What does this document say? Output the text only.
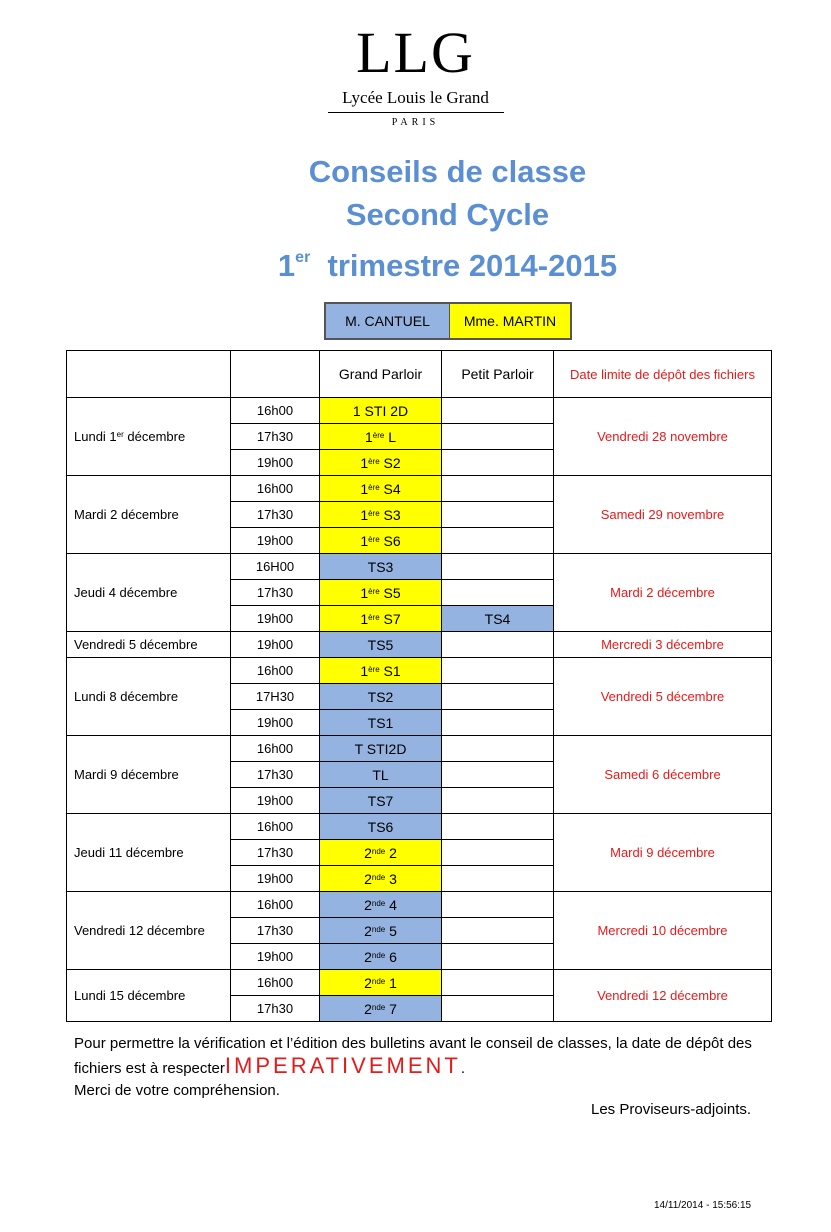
LLG
Lycée Louis le Grand
PARIS
Conseils de classe
Second Cycle
1er trimestre 2014-2015
M. CANTUEL	Mme. MARTIN
		Grand Parloir	Petit Parloir	Date limite de dépôt des fichiers
Lundi 1er décembre	16h00	1 STI 2D		Vendredi 28 novembre
	17h30	1ère L		
	19h00	1ère S2		
Mardi 2 décembre	16h00	1ère S4		Samedi 29 novembre
	17h30	1ère S3		
	19h00	1ère S6		
Jeudi 4 décembre	16H00	TS3		Mardi 2 décembre
	17h30	1ère S5		
	19h00	1ère S7	TS4	
Vendredi 5 décembre	19h00	TS5		Mercredi 3 décembre
Lundi 8 décembre	16h00	1ère S1		Vendredi 5 décembre
	17H30	TS2		
	19h00	TS1		
Mardi 9 décembre	16h00	T STI2D		Samedi 6 décembre
	17h30	TL		
	19h00	TS7		
Jeudi 11 décembre	16h00	TS6		Mardi 9 décembre
	17h30	2nde 2		
	19h00	2nde 3		
Vendredi 12 décembre	16h00	2nde 4		Mercredi 10 décembre
	17h30	2nde 5		
	19h00	2nde 6		
Lundi 15 décembre	16h00	2nde 1		Vendredi 12 décembre
	17h30	2nde 7		
Pour permettre la vérification et l’édition des bulletins avant le conseil de classes, la date de dépôt des fichiers est à respecterIMPERATIVEMENT.
Merci de votre compréhension.
Les Proviseurs-adjoints.
14/11/2014 - 15:56:15
